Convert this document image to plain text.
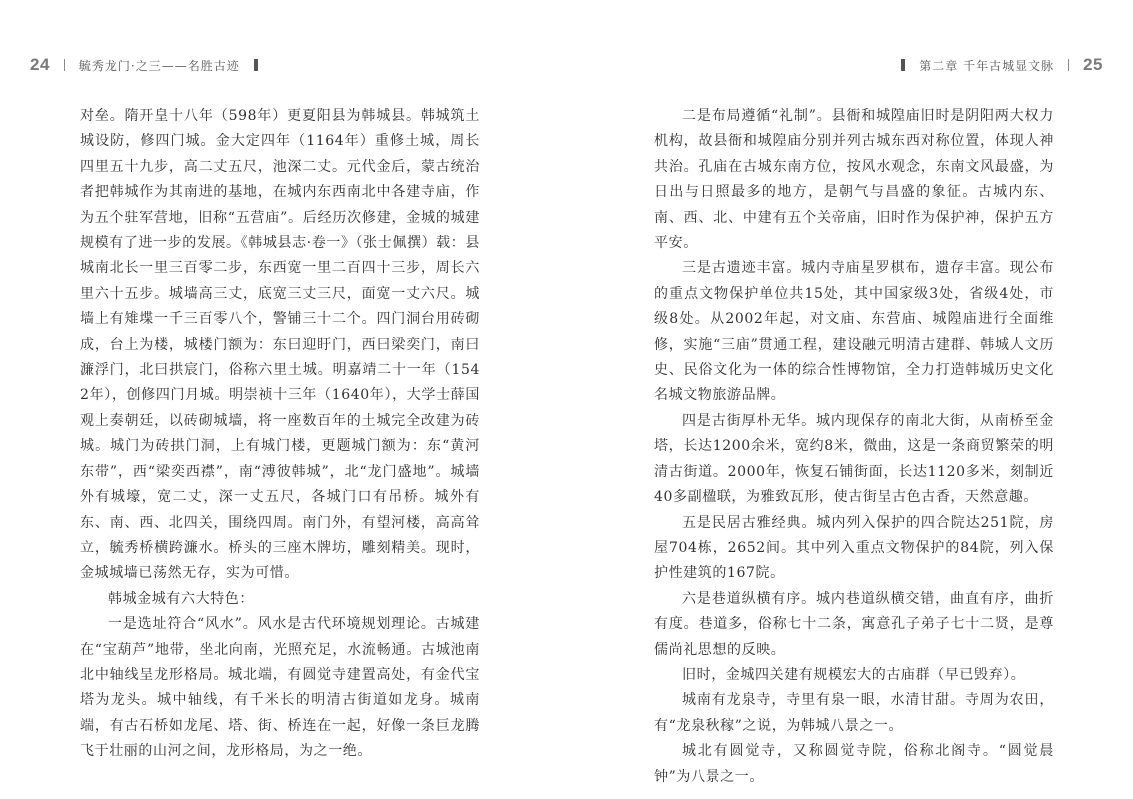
24 毓秀龙门·之三——名胜古迹

对垒。隋开皇十八年（598年）更夏阳县为韩城县。韩城筑土城设防，修四门城。金大定四年（1164年）重修土城，周长四里五十九步，高二丈五尺，池深二丈。元代金后，蒙古统治者把韩城作为其南进的基地，在城内东西南北中各建寺庙，作为五个驻军营地，旧称“五营庙”。后经历次修建，金城的城建规模有了进一步的发展。《韩城县志·卷一》（张士佩撰）载：县城南北长一里三百零二步，东西宽一里二百四十三步，周长六里六十五步。城墙高三丈，底宽三丈三尺，面宽一丈六尺。城墙上有雉堞一千三百零八个，警铺三十二个。四门洞台用砖砌成，台上为楼，城楼门额为：东曰迎盱门，西曰梁奕门，南曰濂浮门，北曰拱宸门，俗称六里土城。明嘉靖二十一年（1542年），创修四门月城。明崇祯十三年（1640年），大学士薛国观上奏朝廷，以砖砌城墙，将一座数百年的土城完全改建为砖城。城门为砖拱门洞，上有城门楼，更题城门额为：东“黄河东带”，西“梁奕西襟”，南“溥彼韩城”，北“龙门盛地”。城墙外有城壕，宽二丈，深一丈五尺，各城门口有吊桥。城外有东、南、西、北四关，围绕四周。南门外，有望河楼，高高耸立，毓秀桥横跨濂水。桥头的三座木牌坊，雕刻精美。现时，金城城墙已荡然无存，实为可惜。

韩城金城有六大特色：

一是选址符合“风水”。风水是古代环境规划理论。古城建在“宝葫芦”地带，坐北向南，光照充足，水流畅通。古城池南北中轴线呈龙形格局。城北端，有圆觉寺建置高处，有金代宝塔为龙头。城中轴线，有千米长的明清古街道如龙身。城南端，有古石桥如龙尾、塔、街、桥连在一起，好像一条巨龙腾飞于壮丽的山河之间，龙形格局，为之一绝。

第二章 千年古城显文脉 25

二是布局遵循“礼制”。县衙和城隍庙旧时是阴阳两大权力机构，故县衙和城隍庙分别并列古城东西对称位置，体现人神共治。孔庙在古城东南方位，按风水观念，东南文风最盛，为日出与日照最多的地方，是朝气与昌盛的象征。古城内东、南、西、北、中建有五个关帝庙，旧时作为保护神，保护五方平安。

三是古遗迹丰富。城内寺庙星罗棋布，遗存丰富。现公布的重点文物保护单位共15处，其中国家级3处，省级4处，市级8处。从2002年起，对文庙、东营庙、城隍庙进行全面维修，实施“三庙”贯通工程，建设融元明清古建群、韩城人文历史、民俗文化为一体的综合性博物馆，全力打造韩城历史文化名城文物旅游品牌。

四是古街厚朴无华。城内现保存的南北大街，从南桥至金塔，长达1200余米，宽约8米，微曲，这是一条商贸繁荣的明清古街道。2000年，恢复石铺街面，长达1120多米，刻制近40多副楹联，为雅致瓦形，使古街呈古色古香，天然意趣。

五是民居古雅经典。城内列入保护的四合院达251院，房屋704栋，2652间。其中列入重点文物保护的84院，列入保护性建筑的167院。

六是巷道纵横有序。城内巷道纵横交错，曲直有序，曲折有度。巷道多，俗称七十二条，寓意孔子弟子七十二贤，是尊儒尚礼思想的反映。

旧时，金城四关建有规模宏大的古庙群（早已毁弃）。

城南有龙泉寺，寺里有泉一眼，水清甘甜。寺周为农田，有“龙泉秋稼”之说，为韩城八景之一。

城北有圆觉寺，又称圆觉寺院，俗称北阁寺。“圆觉晨钟”为八景之一。
